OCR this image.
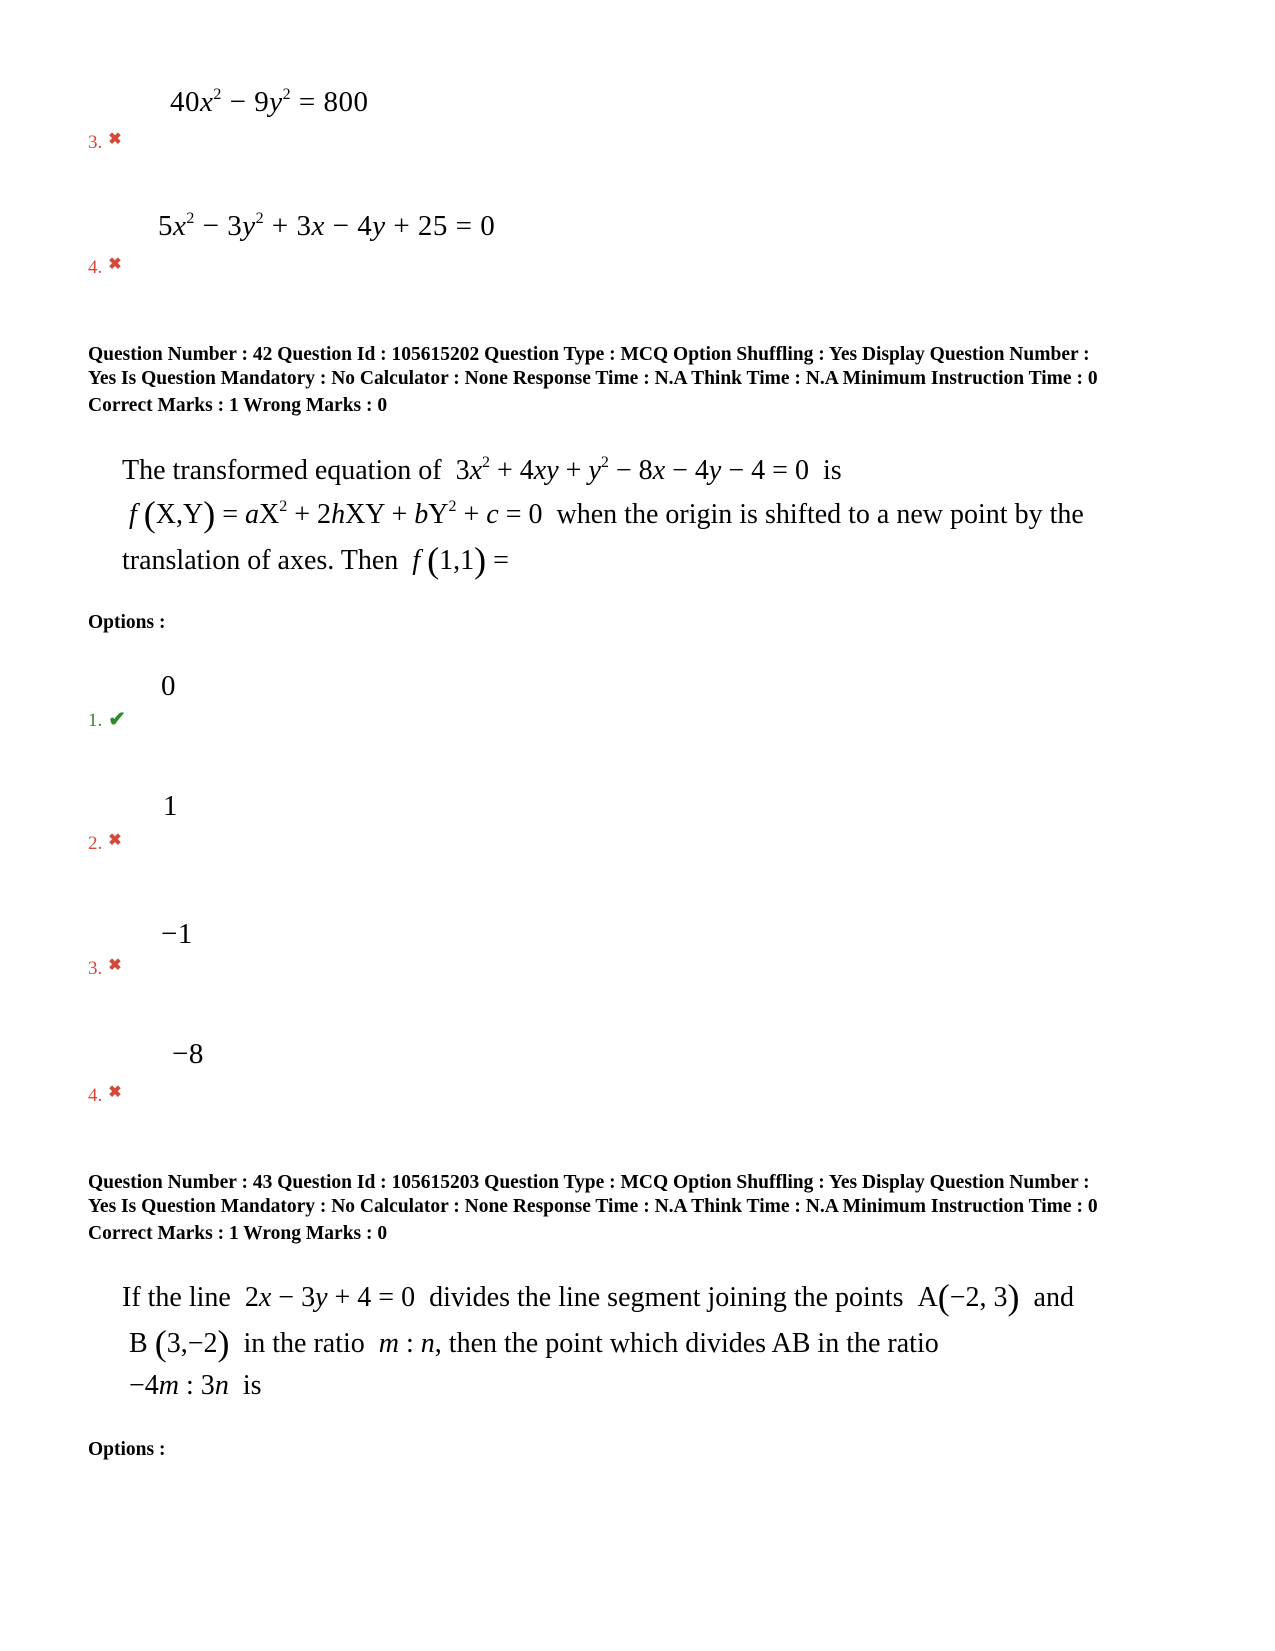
$40x^2 - 9y^2 = 800$
3. ✖
$5x^2 - 3y^2 + 3x - 4y + 25 = 0$
4. ✖
Question Number : 42 Question Id : 105615202 Question Type : MCQ Option Shuffling : Yes Display Question Number :
Yes Is Question Mandatory : No Calculator : None Response Time : N.A Think Time : N.A Minimum Instruction Time : 0
Correct Marks : 1 Wrong Marks : 0
The transformed equation of  $3x^2 + 4xy + y^2 - 8x - 4y - 4 = 0$  is
f $(X,Y) = aX^2 + 2hXY + bY^2 + c = 0$  when the origin is shifted to a new point by the
translation of axes. Then f (1,1) =
Options :
0
1. ✔
1
2. ✖
−1
3. ✖
−8
4. ✖
Question Number : 43 Question Id : 105615203 Question Type : MCQ Option Shuffling : Yes Display Question Number :
Yes Is Question Mandatory : No Calculator : None Response Time : N.A Think Time : N.A Minimum Instruction Time : 0
Correct Marks : 1 Wrong Marks : 0
If the line  2x − 3y + 4 = 0  divides the line segment joining the points  A(−2, 3) and
B (3,−2) in the ratio m : n, then the point which divides AB in the ratio
−4m : 3n is
Options :
